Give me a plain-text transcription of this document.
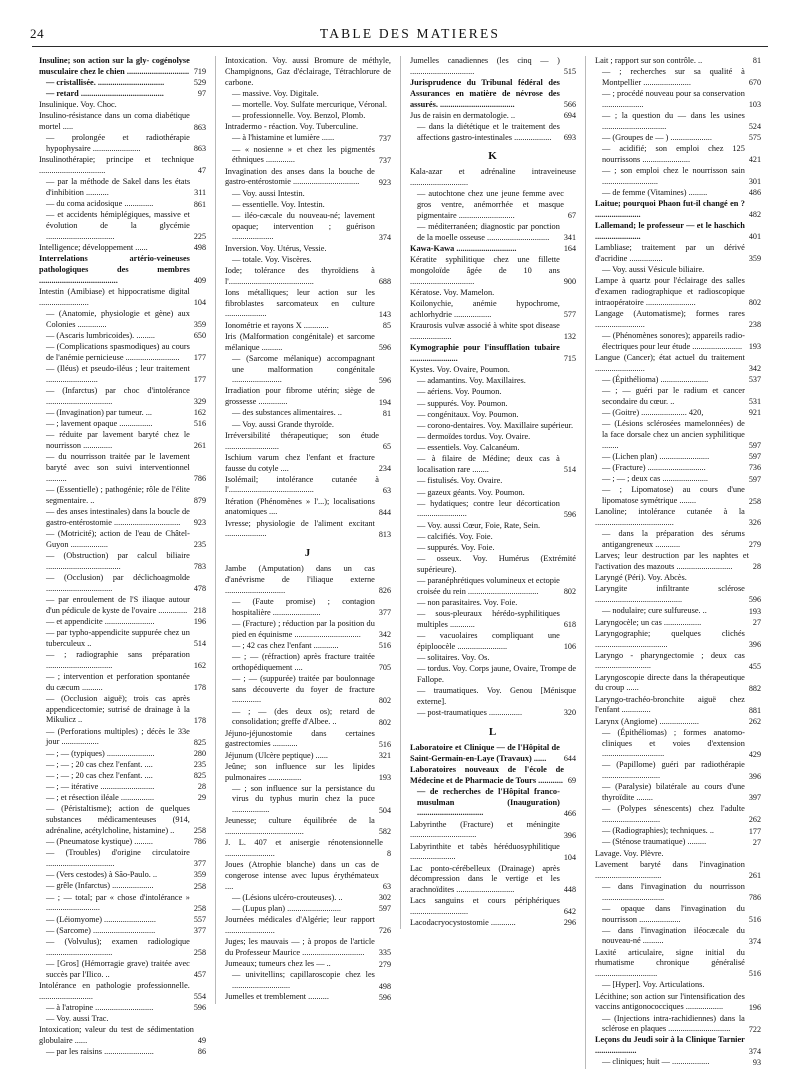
24	TABLE DES MATIERES
Insuline; son action sur la gly- cogénolyse musculaire chez le chien .............................. 719
— cristallisée. ................................	529
— retard ........................................	97
Insulinique. Voy. Choc.
Insulino-résistance dans un coma diabétique mortel .....	863
— prolongée et radiothérapie hypophysaire .......................	863
Insulinothérapie; principe et technique ................................	47
— par la méthode de Sakel dans les états d'inhibition ...........	311
— du coma acidosique ..............	861
— et accidents hémiplégiques, massive et évolution de la glycémie .................................	225
Intelligence; développement ......	498
Interrelations artério-veineuses pathologiques des membres ......................................	409
Intestin (Amibiase) et hippocratisme digital ........................	104
— (Anatomie, physiologie et gène) aux Colonies ..............	359
— (Ascaris lumbricoides). .........	650
— (Complications spasmodiques) au cours de l'anémie pernicieuse ..........................	177
— (Iléus) et pseudo-iléus ; leur traitement .........................	177
— (Infarctus) par choc d'intolérance ................................	329
— (Invagination) par tumeur. ...	162
— ; lavement opaque ................	516
— réduite par lavement baryté chez le nourrisson ..............	261
— du nourrisson traitée par le lavement baryté avec son suivi interventionnel ..........	786
— (Essentielle) ; pathogénie; rôle de l'élite segmentaire. ..	879
— des anses intestinales) dans la boucle de gastro-entérostomie ................................	923
— (Motricité); action de l'eau de Châtel-Guyon ..................	235
— (Obstruction) par calcul biliaire ....................................	783
— (Occlusion) par déclichoagmolde ................................	478
— par enroulement de l'S iliaque autour d'un pédicule de kyste de l'ovaire .............. 218
— et appendicite ........................	196
— par typho-appendicite suppurée chez un tuberculeux ..	514
— ; radiographie sans préparation ................................	162
— ; intervention et perforation spontanée du cæcum ..........	178
— (Occlusion aiguë); trois cas après appendicectomie; sutrisé de drainage à la Mikulicz ..	178
— (Perforations multiples) ; décès le 33e jour ..................	825
— ; — (typiques) .......................	280
— ; — ; 20 cas chez l'enfant. ....	235
— ; — ; 20 cas chez l'enfant. ....	825
— ; — itérative ..........................	28
— ; et résection iléale ................	29
— (Péristaltisme); action de quelques substances médicamenteuses (914, adrénaline, acétylcholine, histamine) ..	258
— (Pneumatose kystique) .........	786
— (Troubles) d'origine circulatoire .................................	377
— (Vers cestodes) à São-Paulo. ..	359
— grêle (Infarctus) ....................	258
— ; — total; par « chose d'intolérance » ..........................	258
— (Léiomyome) .........................	557
— (Sarcome) ..............................	377
— (Volvulus); examen radiologique ................................	258
— [Gros] (Hémorragie grave) traitée avec succès par l'Ilico. ..	457
Intolérance en pathologie professionnelle. ..........................	554
— à l'atropine ............................	596
— Voy. aussi Trac.
Intoxication; valeur du test de sédimentation globulaire ......	49
— par les raisins ........................	86
Intoxication. Voy. aussi Bromure de méthyle, Champignons, Gaz d'éclairage, Tétrachlorure de carbone.
— massive. Voy. Digitale.
— mortelle. Voy. Sulfate mercurique, Véronal.
— professionnelle. Voy. Benzol, Plomb.
Intradermo - réaction. Voy. Tuberculine.
— à l'histamine et lumière ......	737
— « nosienne » et chez les pigmentés éthniques ..............	737
Invagination des anses dans la bouche de gastro-entérostomie ................................	923
— Voy. aussi Intestin.
— essentielle. Voy. Intestin.
— iléo-cæcale du nouveau-né; lavement opaque; intervention ; guérison ....................	374
Inversion. Voy. Utérus, Vessie.
— totale. Voy. Viscères.
Iode; tolérance des thyroïdiens à l'.........................................	688
Ions métalliques; leur action sur les fibroblastes sarcomateux en culture ....................	143
Ionométrie et rayons X ............	85
Iris (Malformation congénitale) et sarcome mélanique ..........	596
— (Sarcome mélanique) accompagnant une malformation congénitale ........................	596
Irradiation pour fibrome utérin; siège de grossesse ..............	194
— des substances alimentaires. ..	81
— Voy. aussi Grande thyroïde.
Irréversibilité thérapeutique; son étude ..........................	65
Ischium varum chez l'enfant et fracture fausse du cotyle ....	234
Isolémail; intolérance cutanée à l'.........................................	63
Itération (Phénomènes » l'...); localisations anatomiques ....	844
Ivresse; physiologie de l'aliment excitant ....................	813
J
Jambe (Amputation) dans un cas d'anévrisme de l'iliaque externe .............................	826
— (Faute promise) ; contagion hospitalière .......................	377
— (Fracture) ; réduction par la position du pied en équinisme ................................	342
— ; 42 cas chez l'enfant ............	516
— ; — (réfraction) après fracture traitée orthopédiquement ....	705
— ; — (suppurée) traitée par boulonnage sans découverte du foyer de fracture ..............	802
— ; — (des deux os); retard de consolidation; greffe d'Albee. ..	802
Jéjuno-jéjunostomie dans certaines gastrectomies ............	516
Jéjunum (Ulcère peptique) ......	321
Jeûne; son influence sur les lipides pulmonaires ................	193
— ; son influence sur la persistance du virus du typhus murin chez la puce ..................	504
Jeunesse; culture équilibrée de la ......................................	582
J. L. 407 et anisergie rénotensionnelle ........................	8
Joues (Atrophie blanche) dans un cas de congerose intense avec lupus érythémateux ....	63
— (Lésions ulcéro-crouteuses). ..	302
— (Lupus plan) ..........................	597
Journées médicales d'Algérie; leur rapport ........................	726
Juges; les mauvais — ; à propos de l'article du Professeur Maurice ..............................	335
Jumeaux; tumeurs chez les — ..	279
— univitellins; capillaroscopie chez les ............................	498
Jumelles et tremblement ..........	596
Jumelles canadiennes (les cinq — ) ...............................	515
Jurisprudence du Tribunal fédéral des Assurances en matière de névrose des assurés. ....................................	566
Jus de raisin en dermatologie. ..	694
— dans la diététique et le traitement des affections gastro-intestinales ..................	693
K
Kala-azar et adrénaline intraveineuse ............................
— autochtone chez une jeune femme avec gros ventre, anémorrhée et masque pigmentaire ...........................	67
— méditerranéen; diagnostic par ponction de la moelle osseuse ..............................	341
Kawa-Kawa .............................	164
Kératite syphilitique chez une fillette mongoloïde âgée de 10 ans ...............................	900
Kératose. Voy. Mamelon.
Koilonychie, anémie hypochrome, achlorhydrie ..................	577
Kraurosis vulvæ associé à white spot disease ....................	132
Kymographie pour l'insufflation tubaire .......................	715
Kystes. Voy. Ovaire, Poumon.
— adamantins. Voy. Maxillaires.
— aériens. Voy. Poumon.
— suppurés. Voy. Poumon.
— congénitaux. Voy. Poumon.
— corono-dentaires. Voy. Maxillaire supérieur.
— dermoïdes tordus. Voy. Ovaire.
— essentiels. Voy. Calcanéum.
— à filaire de Médine; deux cas à localisation rare ........	514
— fistulisés. Voy. Ovaire.
— gazeux géants. Voy. Poumon.
— hydatiques; contre leur décortication ........................	596
— Voy. aussi Cœur, Foie, Rate, Sein.
— calcifiés. Voy. Foie.
— suppurés. Voy. Foie.
— osseux. Voy. Humérus (Extrémité supérieure).
— paranéphrétiques volumineux et ectopie croisée du rein ..................................	802
— non parasitaires. Voy. Foie.
— sous-pleuraux hérédo-syphilitiques multiples ............	618
— vacuolaires compliquant une épiploocèle ........................	106
— solitaires. Voy. Os.
— tordus. Voy. Corps jaune, Ovaire, Trompe de Fallope.
— traumatiques. Voy. Genou [Ménisque externe].
— post-traumatiques ................	320
L
Laboratoire et Clinique — de l'Hôpital de Saint-Germain-en-Laye (Travaux) ......	644
Laboratoires nouveaux de l'école de Médecine et de Pharmacie de Tours ............ 69
— de recherches de l'Hôpital franco-musulman (Inauguration) ................................	466
Labyrinthe (Fracture) et méningite ................................	396
Labyrinthite et tabès héréduosyphilitique ......................	104
Lac ponto-cérébelleux (Drainage) après décompression dans le vertige et les arachnoïdites ............................	448
Lacs sanguins et cours périphériques ............................	642
Lacodacryocystostomie ............	296
Lait ; rapport sur son contrôle. ..	81
— ; recherches sur sa qualité à Montpellier .......................	670
— ; procédé nouveau pour sa conservation ....................	103
— ; la question du — dans les usines ...............................	524
— (Groupes de — ) ....................	575
— acidifié; son emploi chez 125 nourrissons .......................	421
— ; son emploi chez le nourrisson sain ...........................	301
— de femme (Vitamines) .........	486
Laitue; pourquoi Phaon fut-il changé en ? ......................	482
Lallemand; le professeur — et le haschich ......................	401
Lambliase; traitement par un dérivé d'acridine ................	359
— Voy. aussi Vésicule biliaire.
Lampe à quartz pour l'éclairage des salles d'examen radiographique et radioscopique intraopératoire ........................	802
Langage (Automatisme); formes rares ........................	238
— (Phénomènes sonores); appareils radio-électriques pour leur étude ........................ 193
Langue (Cancer); état actuel du traitement ........................	342
— (Épithélioma) .......................	537
— ; — guéri par le radium et cancer secondaire du cœur. ..	531
— (Goitre) ...................... 420,	921
— (Lésions sclérosées mamelonnées) de la face dorsale chez un ancien syphilitique ........	597
— (Lichen plan) ........................	597
— (Fracture) ............................	736
— ; — ; deux cas ......................	597
— ; Lipomatose) au cours d'une lipomatose symétrique ........	258
Lanoline; intolérance cutanée à la ......................................	326
— dans la préparation des sérums antigangreneux ............	279
Larves; leur destruction par les naphtes et l'activation des mazouts ...........................	28
Laryngé (Péri). Voy. Abcès.
Laryngite infiltrante sclérose ..........................................	596
— nodulaire; cure sulfureuse. ..	193
Laryngocèle; un cas ..................	27
Laryngographie; quelques clichés ...................................	396
Laryngo - pharyngectomie ; deux cas ...........................	455
Laryngoscopie directe dans la thérapeutique du croup ......	882
Laryngo-trachéo-bronchite aiguë chez l'enfant ..............	881
Larynx (Angiome) ...................	262
— (Épithéliomas) ; formes anatomo-cliniques et voies d'extension ..............................	429
— (Papillome) guéri par radiothérapie ............................	396
— (Paralysie) bilatérale au cours d'une thyroïdite ........	397
— (Polypes sénescents) chez l'adulte ............................	262
— (Radiographies); techniques. ..	177
— (Sténose traumatique) .........	27
Lavage. Voy. Plèvre.
Lavement baryté dans l'invagination ................................	261
— dans l'invagination du nourrisson ..............................	786
— opaque dans l'invagination du nourrisson ....................	516
— dans l'invagination iléocæcale du nouveau-né ..........	374
Laxité articulaire, signe initial du rhumatisme chronique généralisé ..............................	516
— [Hyper]. Voy. Articulations.
Lécithine; son action sur l'intensification des vaccins antigonococciques ..................	196
— (Injections intra-rachidiennes) dans la sclérose en plaques ..............................	722
Leçons du Jeudi soir à la Clinique Tarnier ....................	374
— cliniques; huit — ..................	93
